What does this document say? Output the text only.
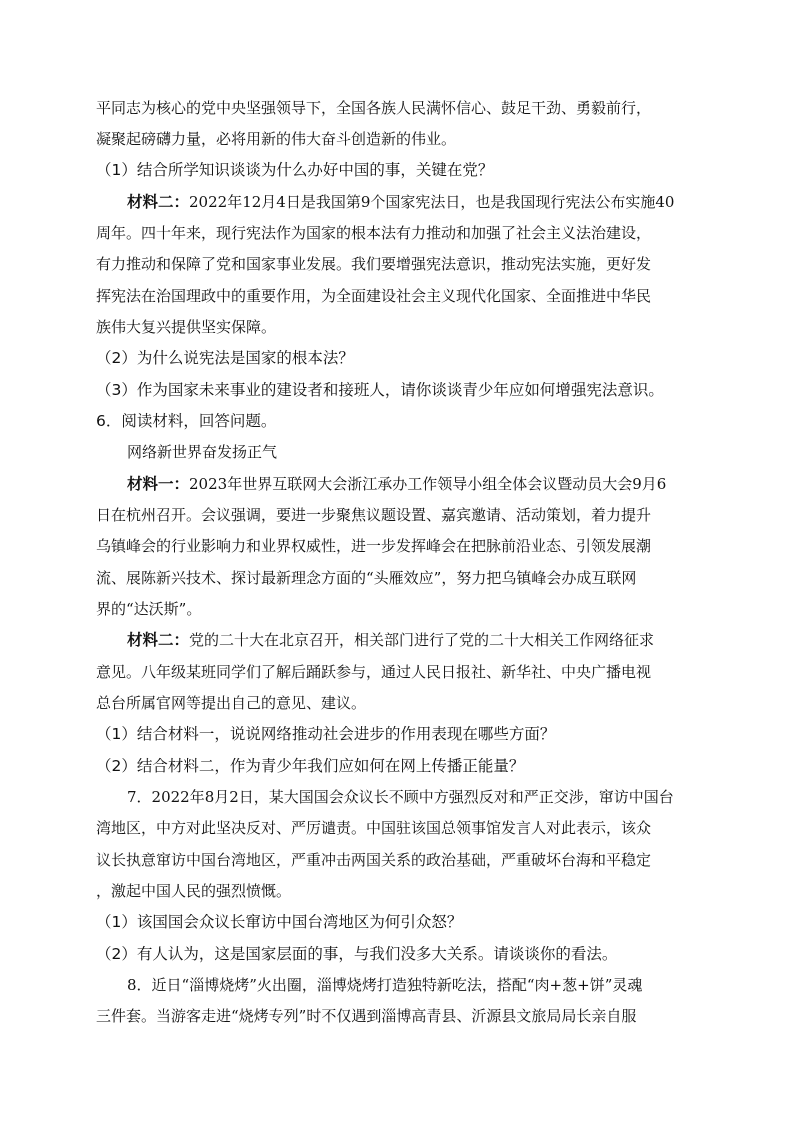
平同志为核心的党中央坚强领导下，全国各族人民满怀信心、鼓足干劲、勇毅前行，
凝聚起磅礴力量，必将用新的伟大奋斗创造新的伟业。
（1）结合所学知识谈谈为什么办好中国的事，关键在党？
材料二：2022年12月4日是我国第9个国家宪法日，也是我国现行宪法公布实施40
周年。四十年来，现行宪法作为国家的根本法有力推动和加强了社会主义法治建设，
有力推动和保障了党和国家事业发展。我们要增强宪法意识，推动宪法实施，更好发
挥宪法在治国理政中的重要作用，为全面建设社会主义现代化国家、全面推进中华民
族伟大复兴提供坚实保障。
（2）为什么说宪法是国家的根本法？
（3）作为国家未来事业的建设者和接班人，请你谈谈青少年应如何增强宪法意识。
6．阅读材料，回答问题。
网络新世界奋发扬正气
材料一：2023年世界互联网大会浙江承办工作领导小组全体会议暨动员大会9月6
日在杭州召开。会议强调，要进一步聚焦议题设置、嘉宾邀请、活动策划，着力提升
乌镇峰会的行业影响力和业界权威性，进一步发挥峰会在把脉前沿业态、引领发展潮
流、展陈新兴技术、探讨最新理念方面的“头雁效应”，努力把乌镇峰会办成互联网
界的“达沃斯”。
材料二：党的二十大在北京召开，相关部门进行了党的二十大相关工作网络征求
意见。八年级某班同学们了解后踊跃参与，通过人民日报社、新华社、中央广播电视
总台所属官网等提出自己的意见、建议。
（1）结合材料一，说说网络推动社会进步的作用表现在哪些方面？
（2）结合材料二，作为青少年我们应如何在网上传播正能量？
7．2022年8月2日，某大国国会众议长不顾中方强烈反对和严正交涉，窜访中国台
湾地区，中方对此坚决反对、严厉谴责。中国驻该国总领事馆发言人对此表示，该众
议长执意窜访中国台湾地区，严重冲击两国关系的政治基础，严重破坏台海和平稳定
，激起中国人民的强烈愤慨。
（1）该国国会众议长窜访中国台湾地区为何引众怒？
（2）有人认为，这是国家层面的事，与我们没多大关系。请谈谈你的看法。
8．近日“淄博烧烤”火出圈，淄博烧烤打造独特新吃法，搭配“肉+葱+饼”灵魂
三件套。当游客走进“烧烤专列”时不仅遇到淄博高青县、沂源县文旅局局长亲自服
